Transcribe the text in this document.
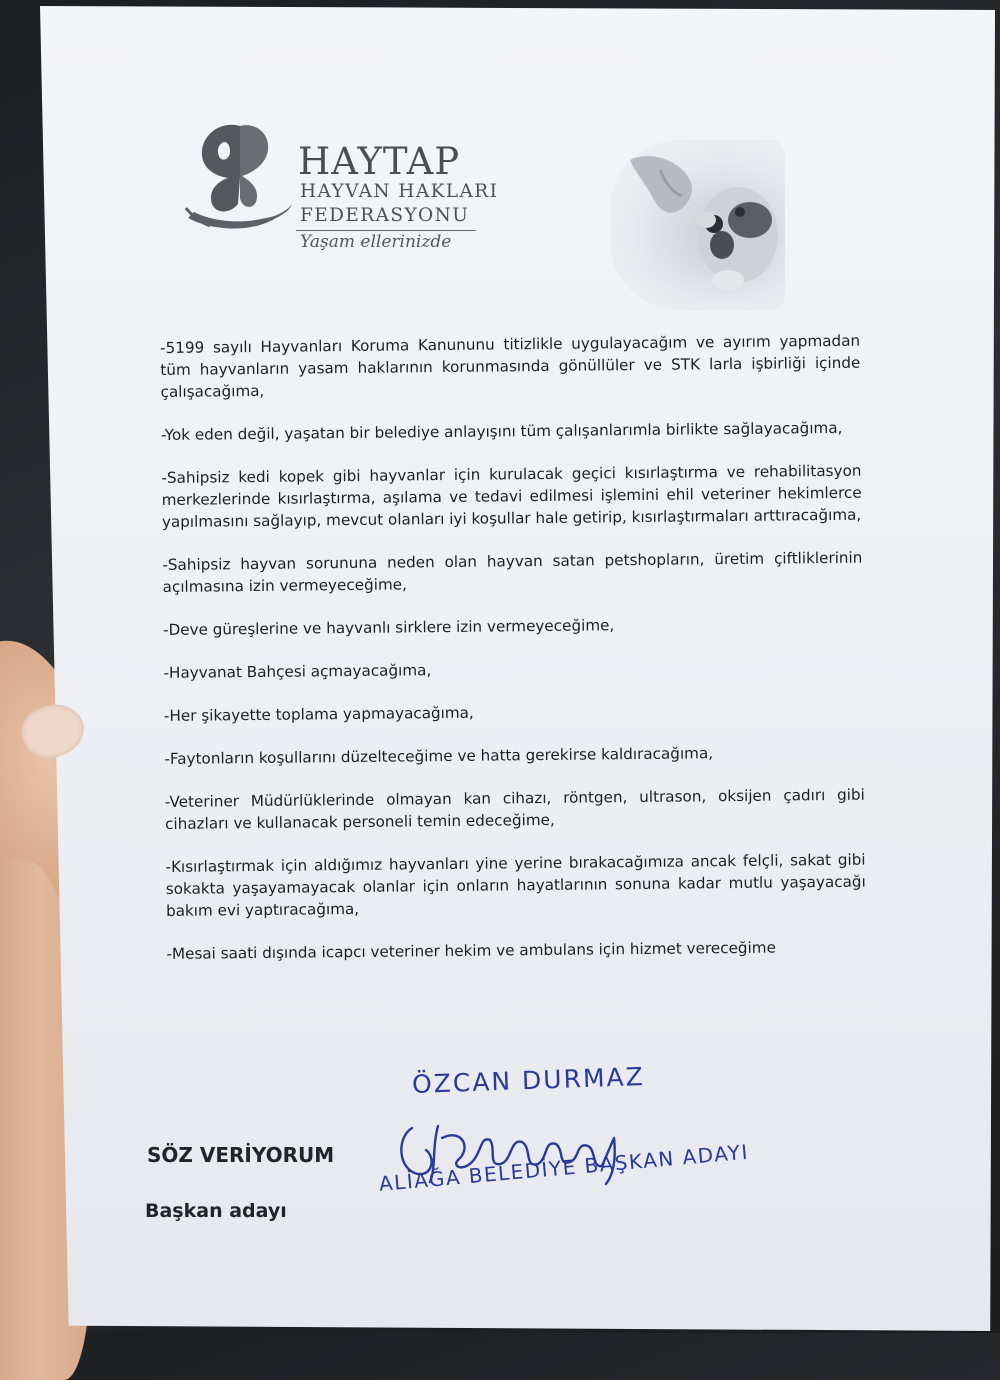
HAYTAP

HAYVAN HAKLARI

FEDERASYONU

Yaşam ellerinizde

-5199 sayılı Hayvanları Koruma Kanununu titizlikle uygulayacağım ve ayırım yapmadan tüm hayvanların yasam haklarının korunmasında gönüllüler ve STK larla işbirliği içinde çalışacağıma,

-Yok eden değil, yaşatan bir belediye anlayışını tüm çalışanlarımla birlikte sağlayacağıma,

-Sahipsiz kedi kopek gibi hayvanlar için kurulacak geçici kısırlaştırma ve rehabilitasyon merkezlerinde kısırlaştırma, aşılama ve tedavi edilmesi işlemini ehil veteriner hekimlerce yapılmasını sağlayıp, mevcut olanları iyi koşullar hale getirip, kısırlaştırmaları arttıracağıma,

-Sahipsiz hayvan sorununa neden olan hayvan satan petshopların, üretim çiftliklerinin açılmasına izin vermeyeceğime,

-Deve güreşlerine ve hayvanlı sirklere izin vermeyeceğime,

-Hayvanat Bahçesi açmayacağıma,

-Her şikayette toplama yapmayacağıma,

-Faytonların koşullarını düzelteceğime ve hatta gerekirse kaldıracağıma,

-Veteriner Müdürlüklerinde olmayan kan cihazı, röntgen, ultrason, oksijen çadırı gibi cihazları ve kullanacak personeli temin edeceğime,

-Kısırlaştırmak için aldığımız hayvanları yine yerine bırakacağımıza ancak felçli, sakat gibi sokakta yaşayamayacak olanlar için onların hayatlarının sonuna kadar mutlu yaşayacağı bakım evi yaptıracağıma,

-Mesai saati dışında icapcı veteriner hekim ve ambulans için hizmet vereceğime

SÖZ VERİYORUM

Başkan adayı

ÖZCAN DURMAZ
ALİAĞA BELEDİYE BAŞKAN ADAYI
